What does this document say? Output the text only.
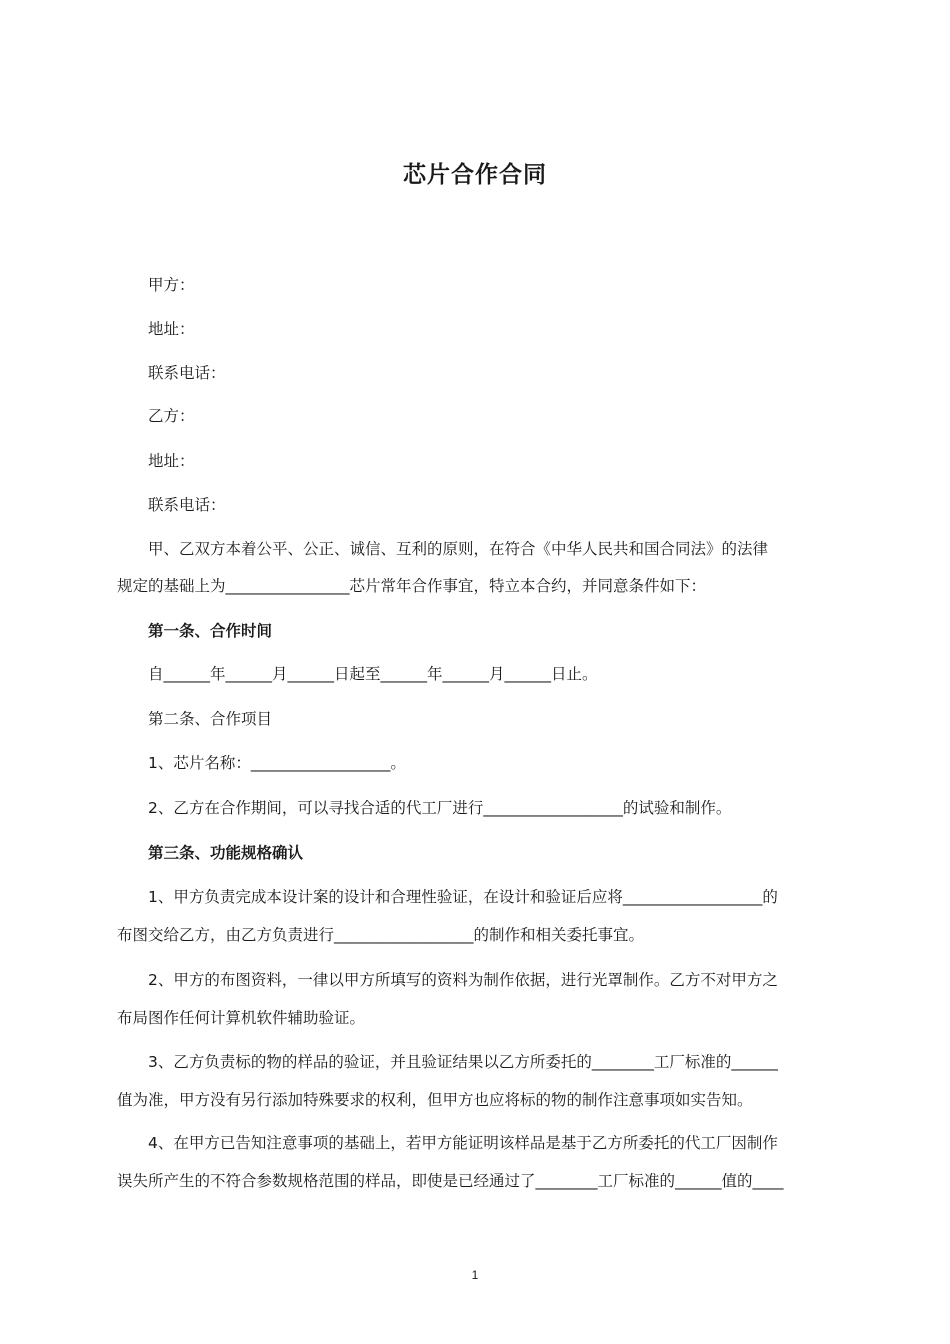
芯片合作合同
甲方：
地址：
联系电话：
乙方：
地址：
联系电话：
甲、乙双方本着公平、公正、诚信、互利的原则，在符合《中华人民共和国合同法》的法律
规定的基础上为________________芯片常年合作事宜，特立本合约，并同意条件如下：
第一条、合作时间
自______年______月______日起至______年______月______日止。
第二条、合作项目
1、芯片名称：__________________。
2、乙方在合作期间，可以寻找合适的代工厂进行__________________的试验和制作。
第三条、功能规格确认
1、甲方负责完成本设计案的设计和合理性验证，在设计和验证后应将__________________的
布图交给乙方，由乙方负责进行__________________的制作和相关委托事宜。
2、甲方的布图资料，一律以甲方所填写的资料为制作依据，进行光罩制作。乙方不对甲方之
布局图作任何计算机软件辅助验证。
3、乙方负责标的物的样品的验证，并且验证结果以乙方所委托的________工厂标准的______
值为准，甲方没有另行添加特殊要求的权利，但甲方也应将标的物的制作注意事项如实告知。
4、在甲方已告知注意事项的基础上，若甲方能证明该样品是基于乙方所委托的代工厂因制作
误失所产生的不符合参数规格范围的样品，即使是已经通过了________工厂标准的______值的____
1
